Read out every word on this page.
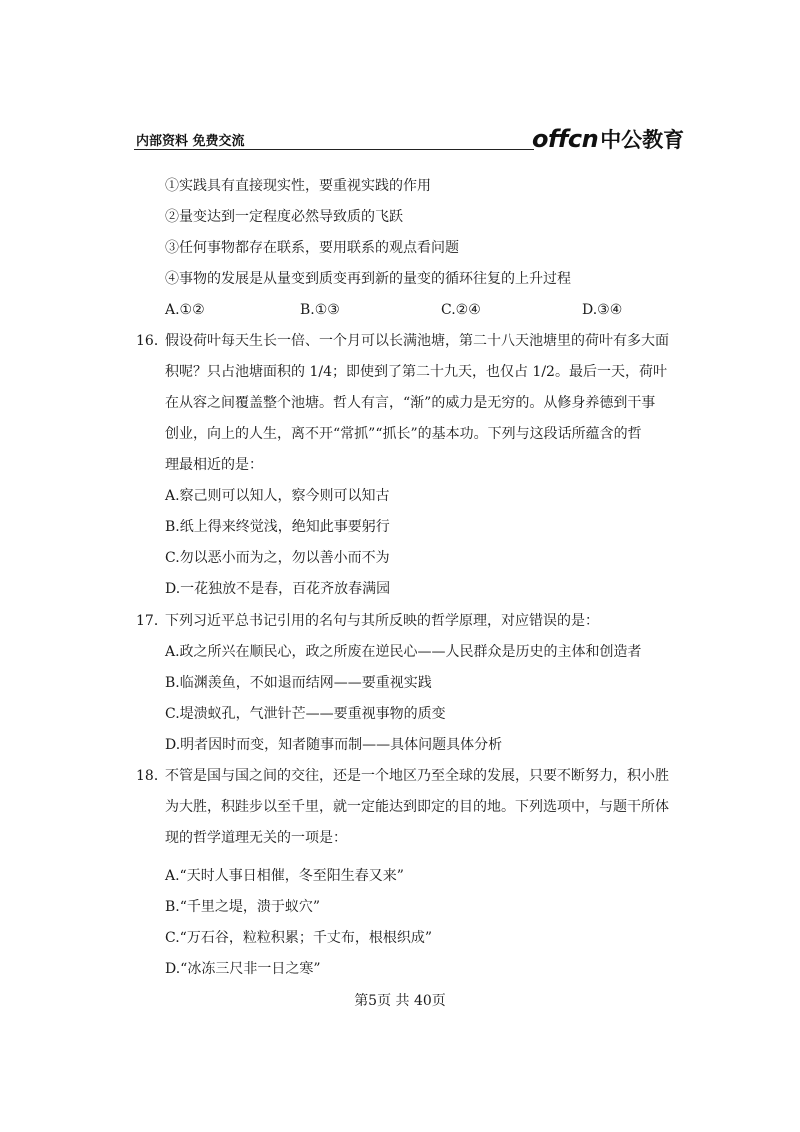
内部资料 免费交流	offcn 中公教育
①实践具有直接现实性，要重视实践的作用
②量变达到一定程度必然导致质的飞跃
③任何事物都存在联系，要用联系的观点看问题
④事物的发展是从量变到质变再到新的量变的循环往复的上升过程
A.①②	B.①③	C.②④	D.③④
16．
假设荷叶每天生长一倍、一个月可以长满池塘，第二十八天池塘里的荷叶有多大面
积呢？只占池塘面积的 1/4；即使到了第二十九天，也仅占 1/2。最后一天，荷叶
在从容之间覆盖整个池塘。哲人有言，“渐”的威力是无穷的。从修身养德到干事
创业，向上的人生，离不开“常抓”“抓长”的基本功。下列与这段话所蕴含的哲
理最相近的是：
A.察己则可以知人，察今则可以知古
B.纸上得来终觉浅，绝知此事要躬行
C.勿以恶小而为之，勿以善小而不为
D.一花独放不是春，百花齐放春满园
17．
下列习近平总书记引用的名句与其所反映的哲学原理，对应错误的是：
A.政之所兴在顺民心，政之所废在逆民心——人民群众是历史的主体和创造者
B.临渊羡鱼，不如退而结网——要重视实践
C.堤溃蚁孔，气泄针芒——要重视事物的质变
D.明者因时而变，知者随事而制——具体问题具体分析
18．
不管是国与国之间的交往，还是一个地区乃至全球的发展，只要不断努力，积小胜
为大胜，积跬步以至千里，就一定能达到即定的目的地。下列选项中，与题干所体
现的哲学道理无关的一项是：
A.“天时人事日相催，冬至阳生春又来”
B.“千里之堤，溃于蚁穴”
C.“万石谷，粒粒积累；千丈布，根根织成”
D.“冰冻三尺非一日之寒”
第5页 共 40页
